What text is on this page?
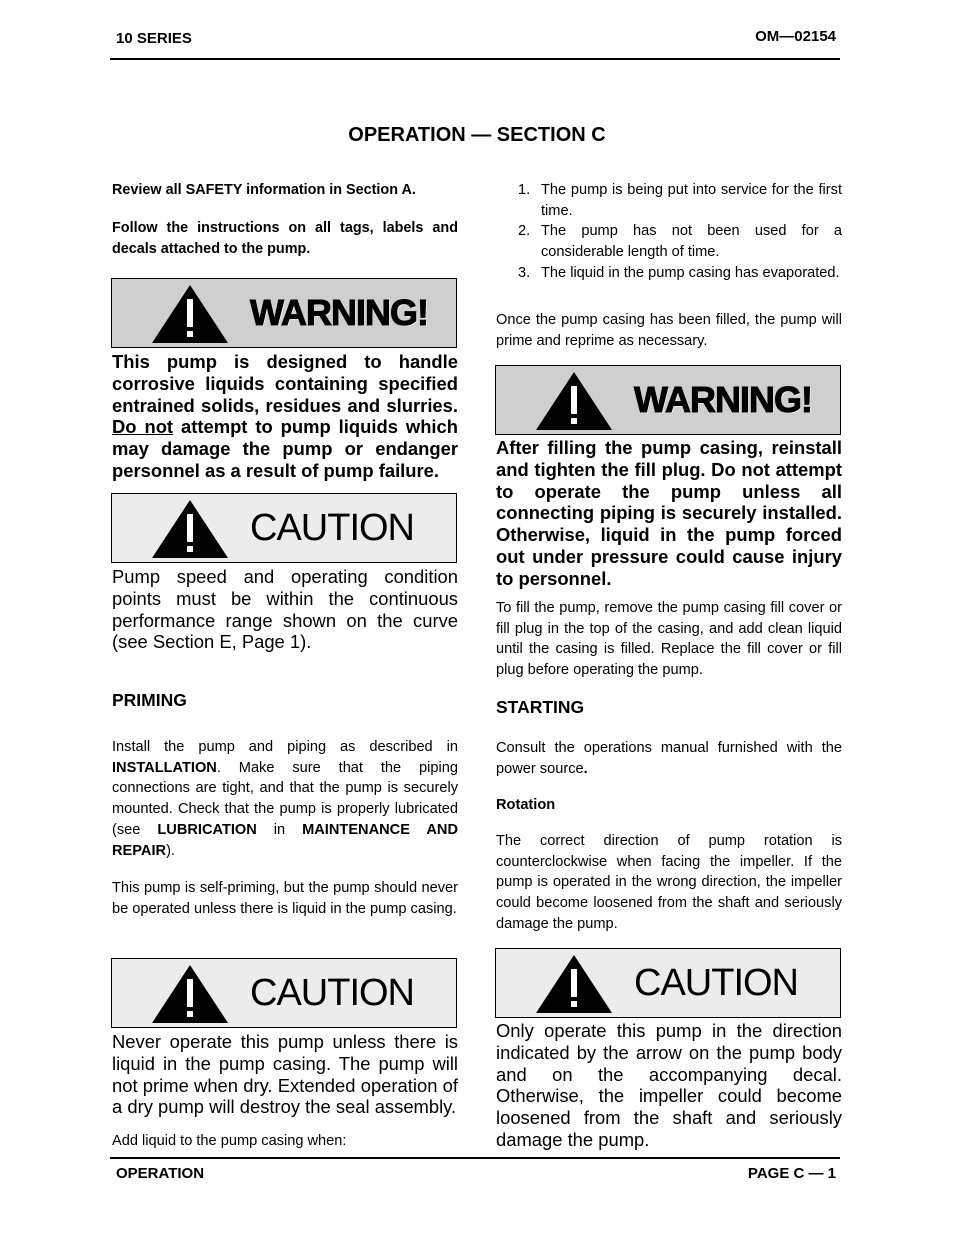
10 SERIES	OM—02154
OPERATION — SECTION C
Review all SAFETY information in Section A.
Follow the instructions on all tags, labels and decals attached to the pump.
WARNING!
This pump is designed to handle corrosive liquids containing specified entrained solids, residues and slurries. Do not attempt to pump liquids which may damage the pump or endanger personnel as a result of pump failure.
CAUTION
Pump speed and operating condition points must be within the continuous performance range shown on the curve (see Section E, Page 1).
PRIMING
Install the pump and piping as described in INSTALLATION. Make sure that the piping connections are tight, and that the pump is securely mounted. Check that the pump is properly lubricated (see LUBRICATION in MAINTENANCE AND REPAIR).
This pump is self-priming, but the pump should never be operated unless there is liquid in the pump casing.
CAUTION
Never operate this pump unless there is liquid in the pump casing. The pump will not prime when dry. Extended operation of a dry pump will destroy the seal assembly.
Add liquid to the pump casing when:
1. The pump is being put into service for the first time.
2. The pump has not been used for a considerable length of time.
3. The liquid in the pump casing has evaporated.
Once the pump casing has been filled, the pump will prime and reprime as necessary.
WARNING!
After filling the pump casing, reinstall and tighten the fill plug. Do not attempt to operate the pump unless all connecting piping is securely installed. Otherwise, liquid in the pump forced out under pressure could cause injury to personnel.
To fill the pump, remove the pump casing fill cover or fill plug in the top of the casing, and add clean liquid until the casing is filled. Replace the fill cover or fill plug before operating the pump.
STARTING
Consult the operations manual furnished with the power source.
Rotation
The correct direction of pump rotation is counterclockwise when facing the impeller. If the pump is operated in the wrong direction, the impeller could become loosened from the shaft and seriously damage the pump.
CAUTION
Only operate this pump in the direction indicated by the arrow on the pump body and on the accompanying decal. Otherwise, the impeller could become loosened from the shaft and seriously damage the pump.
OPERATION	PAGE C — 1
